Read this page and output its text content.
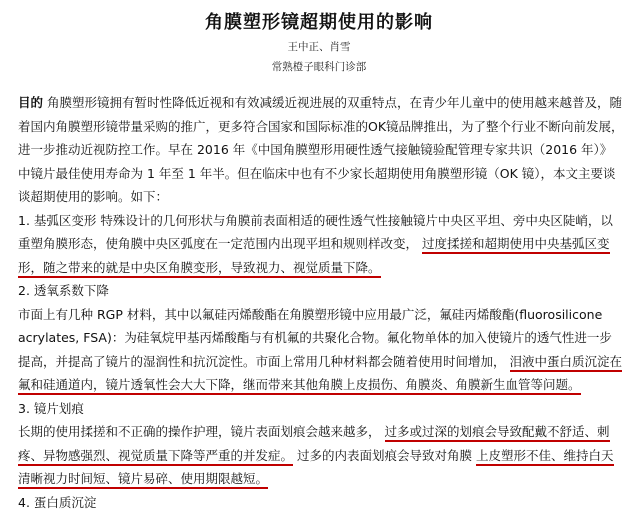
角膜塑形镜超期使用的影响
王中正、肖雪
常熟橙子眼科门诊部

目的 角膜塑形镜拥有暂时性降低近视和有效减缓近视进展的双重特点，在青少年儿童中的使用越来越普及，随着国内角膜塑形镜带量采购的推广，更多符合国家和国际标准的OK镜品牌推出，为了整个行业不断向前发展，进一步推动近视防控工作。早在 2016 年《中国角膜塑形用硬性透气接触镜验配管理专家共识（2016 年）》中镜片最佳使用寿命为 1 年至 1 年半。但在临床中也有不少家长超期使用角膜塑形镜（OK 镜），本文主要谈谈超期使用的影响。如下：

1. 基弧区变形 特殊设计的几何形状与角膜前表面相适的硬性透气性接触镜片中央区平坦、旁中央区陡峭，以重塑角膜形态，使角膜中央区弧度在一定范围内出现平坦和规则样改变， 过度揉搓和超期使用中央基弧区变形，随之带来的就是中央区角膜变形，导致视力、视觉质量下降。

2. 透氧系数下降

市面上有几种 RGP 材料，其中以氟硅丙烯酸酯在角膜塑形镜中应用最广泛，氟硅丙烯酸酯(fluorosilicone acrylates, FSA)：为硅氧烷甲基丙烯酸酯与有机氟的共聚化合物。氟化物单体的加入使镜片的透气性进一步提高，并提高了镜片的湿润性和抗沉淀性。市面上常用几种材料都会随着使用时间增加， 泪液中蛋白质沉淀在氟和硅通道内，镜片透氧性会大大下降，继而带来其他角膜上皮损伤、角膜炎、角膜新生血管等问题。

3. 镜片划痕

长期的使用揉搓和不正确的操作护理，镜片表面划痕会越来越多， 过多或过深的划痕会导致配戴不舒适、刺疼、异物感强烈、视觉质量下降等严重的并发症。 过多的内表面划痕会导致对角膜 上皮塑形不佳、维持白天清晰视力时间短、镜片易碎、使用期限越短。

4. 蛋白质沉淀
